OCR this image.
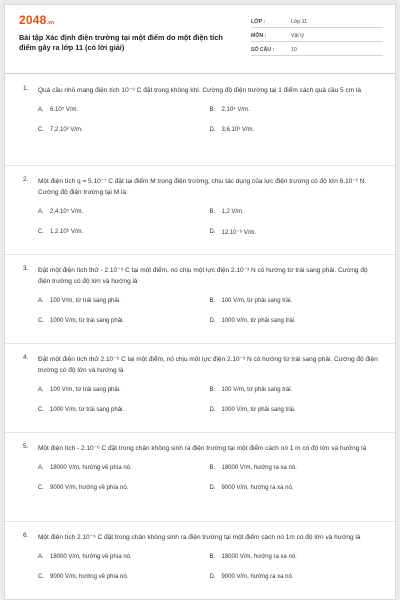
2048.vn
Bài tập Xác định điện trường tại một điểm do một điện tích điểm gây ra lớp 11 (có lời giải)
LỚP :	Lớp 11
MÔN :	Vật lý
SỐ CÂU :	10
1. Quả cầu nhỏ mang điện tích 10⁻⁹ C đặt trong không khí. Cường độ điện trường tại 1 điểm cách quả cầu 5 cm là
A.	6.10⁵ V/m.	B.	2.10⁴ V/m.
C.	7,2.10³ V/m.	D.	3,6.10³ V/m.
2. Một điện tích q = 5.10⁻⁷ C đặt tại điểm M trong điện trường, chịu tác dụng của lực điện trường có độ lớn 6.10⁻² N. Cường độ điện trường tại M là:
A.	2,4.10⁵ V/m.	B.	1,2 V/m.
C.	1,2.10⁵ V/m.	D.	12.10⁻⁶ V/m.
3. Đặt một điện tích thử - 2.10⁻⁶ C tại một điểm, nó chịu một lực điện 2.10⁻³ N có hướng từ trái sang phải. Cường độ điện trường có độ lớn và hướng là
A.	100 V/m, từ trái sang phải.	B.	100 V/m, từ phải sang trái.
C.	1000 V/m, từ trái sang phải.	D.	1000 V/m, từ phải sang trái.
4. Đặt một điện tích thử 2.10⁻⁶ C tại một điểm, nó chịu một lực điện 2.10⁻³ N có hướng từ trái sang phải. Cường độ điện trường có độ lớn và hướng là
A.	100 V/m, từ trái sang phải.	B.	100 V/m, từ phải sang trái.
C.	1000 V/m, từ trái sang phải.	D.	1000 V/m, từ phải sang trái.
5. Một điện tích - 2.10⁻⁶ C đặt trong chân không sinh ra điện trường tại một điểm cách nó 1 m có độ lớn và hướng là
A.	18000 V/m, hướng về phía nó.	B.	18000 V/m, hướng ra xa nó.
C.	9000 V/m, hướng về phía nó.	D.	9000 V/m, hướng ra xa nó.
6. Một điện tích 2.10⁻⁶ C đặt trong chân không sinh ra điện trường tại một điểm cách nó 1m có độ lớn và hướng là
A.	18000 V/m, hướng về phía nó.	B.	18000 V/m, hướng ra xa nó.
C.	9000 V/m, hướng về phía nó.	D.	9000 V/m, hướng ra xa nó.
